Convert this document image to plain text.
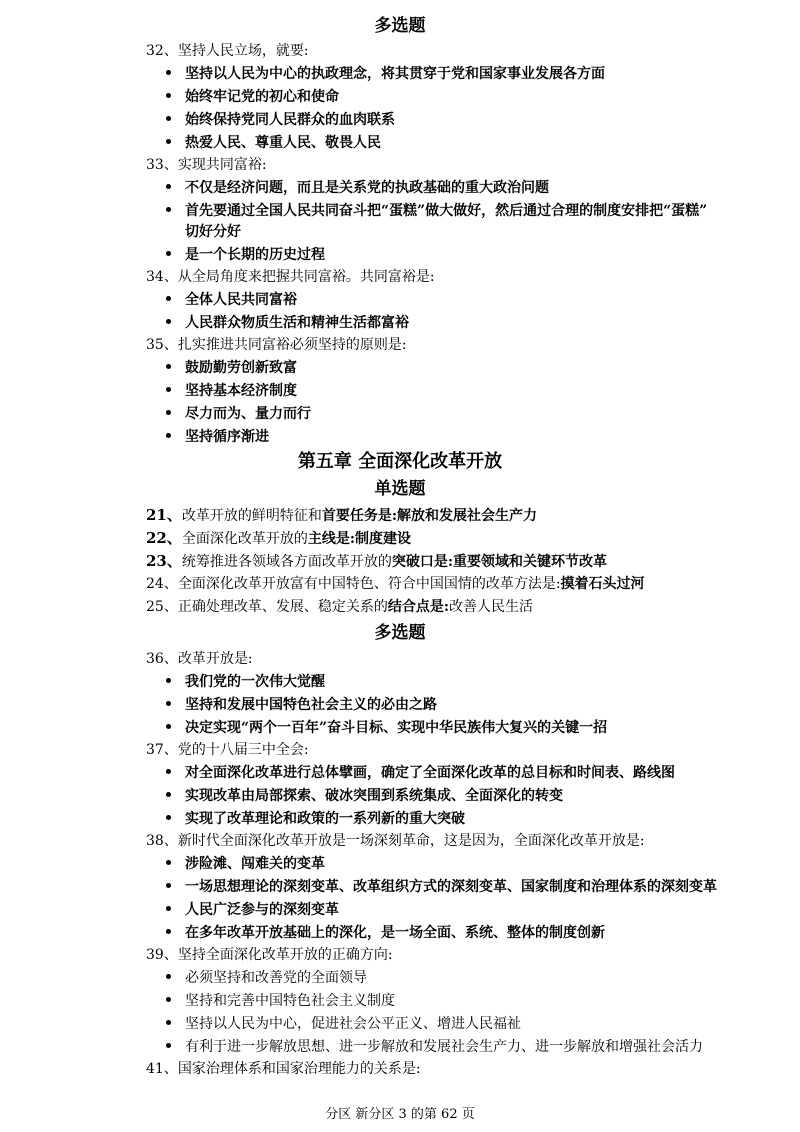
多选题
32、坚持人民立场，就要:
坚持以人民为中心的执政理念，将其贯穿于党和国家事业发展各方面
始终牢记党的初心和使命
始终保持党同人民群众的血肉联系
热爱人民、尊重人民、敬畏人民
33、实现共同富裕:
不仅是经济问题，而且是关系党的执政基础的重大政治问题
首先要通过全国人民共同奋斗把“蛋糕”做大做好，然后通过合理的制度安排把“蛋糕”
切好分好
是一个长期的历史过程
34、从全局角度来把握共同富裕。共同富裕是:
全体人民共同富裕
人民群众物质生活和精神生活都富裕
35、扎实推进共同富裕必须坚持的原则是:
鼓励勤劳创新致富
坚持基本经济制度
尽力而为、量力而行
坚持循序渐进
第五章 全面深化改革开放
单选题
21、改革开放的鲜明特征和首要任务是:解放和发展社会生产力
22、全面深化改革开放的主线是:制度建设
23、统筹推进各领域各方面改革开放的突破口是:重要领域和关键环节改革
24、全面深化改革开放富有中国特色、符合中国国情的改革方法是:摸着石头过河
25、正确处理改革、发展、稳定关系的结合点是:改善人民生活
多选题
36、改革开放是:
我们党的一次伟大觉醒
坚持和发展中国特色社会主义的必由之路
决定实现“两个一百年”奋斗目标、实现中华民族伟大复兴的关键一招
37、党的十八届三中全会:
对全面深化改革进行总体擘画，确定了全面深化改革的总目标和时间表、路线图
实现改革由局部探索、破冰突围到系统集成、全面深化的转变
实现了改革理论和政策的一系列新的重大突破
38、新时代全面深化改革开放是一场深刻革命，这是因为，全面深化改革开放是:
涉险滩、闯难关的变革
一场思想理论的深刻变革、改革组织方式的深刻变革、国家制度和治理体系的深刻变革
人民广泛参与的深刻变革
在多年改革开放基础上的深化，是一场全面、系统、整体的制度创新
39、坚持全面深化改革开放的正确方向:
必须坚持和改善党的全面领导
坚持和完善中国特色社会主义制度
坚持以人民为中心，促进社会公平正义、增进人民福祉
有利于进一步解放思想、进一步解放和发展社会生产力、进一步解放和增强社会活力
41、国家治理体系和国家治理能力的关系是:
分区 新分区 3 的第 62 页
